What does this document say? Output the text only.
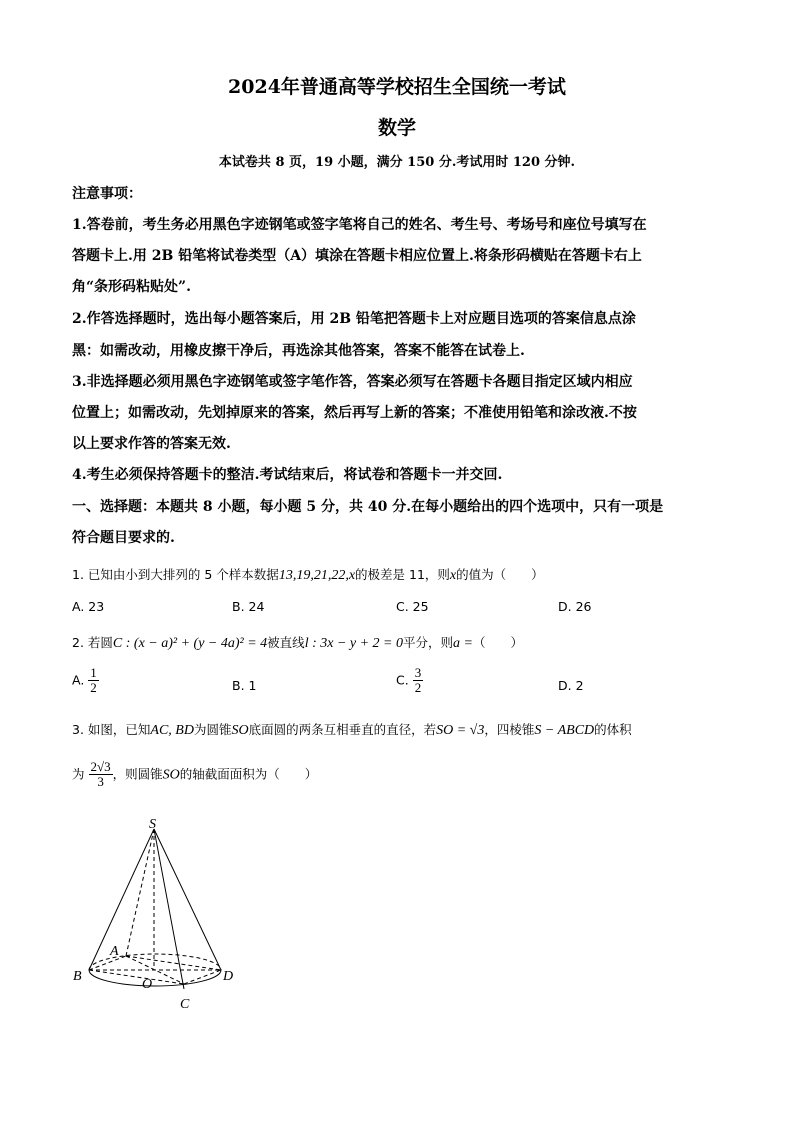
2024年普通高等学校招生全国统一考试
数学
本试卷共 8 页，19 小题，满分 150 分.考试用时 120 分钟.
注意事项：
1.答卷前，考生务必用黑色字迹钢笔或签字笔将自己的姓名、考生号、考场号和座位号填写在
答题卡上.用 2B 铅笔将试卷类型（A）填涂在答题卡相应位置上.将条形码横贴在答题卡右上
角“条形码粘贴处”.
2.作答选择题时，选出每小题答案后，用 2B 铅笔把答题卡上对应题目选项的答案信息点涂
黑：如需改动，用橡皮擦干净后，再选涂其他答案，答案不能答在试卷上.
3.非选择题必须用黑色字迹钢笔或签字笔作答，答案必须写在答题卡各题目指定区域内相应
位置上；如需改动，先划掉原来的答案，然后再写上新的答案；不准使用铅笔和涂改液.不按
以上要求作答的答案无效.
4.考生必须保持答题卡的整洁.考试结束后，将试卷和答题卡一并交回.
一、选择题：本题共 8 小题，每小题 5 分，共 40 分.在每小题给出的四个选项中，只有一项是
符合题目要求的.
1. 已知由小到大排列的 5 个样本数据13,19,21,22,x的极差是 11，则x的值为（　　）
A. 23	B. 24	C. 25	D. 26
2. 若圆C : (x − a)² + (y − 4a)² = 4被直线l : 3x − y + 2 = 0平分，则a =（　　）
A. $\frac{1}{2}$	B. 1	C. $\frac{3}{2}$	D. 2
3. 如图，已知AC, BD为圆锥SO底面圆的两条互相垂直的直径，若SO = √3，四棱锥S − ABCD的体积
为 $\frac{2√3}{3}$ ，则圆锥SO的轴截面面积为（　　）
S
A
B
O
C
D
